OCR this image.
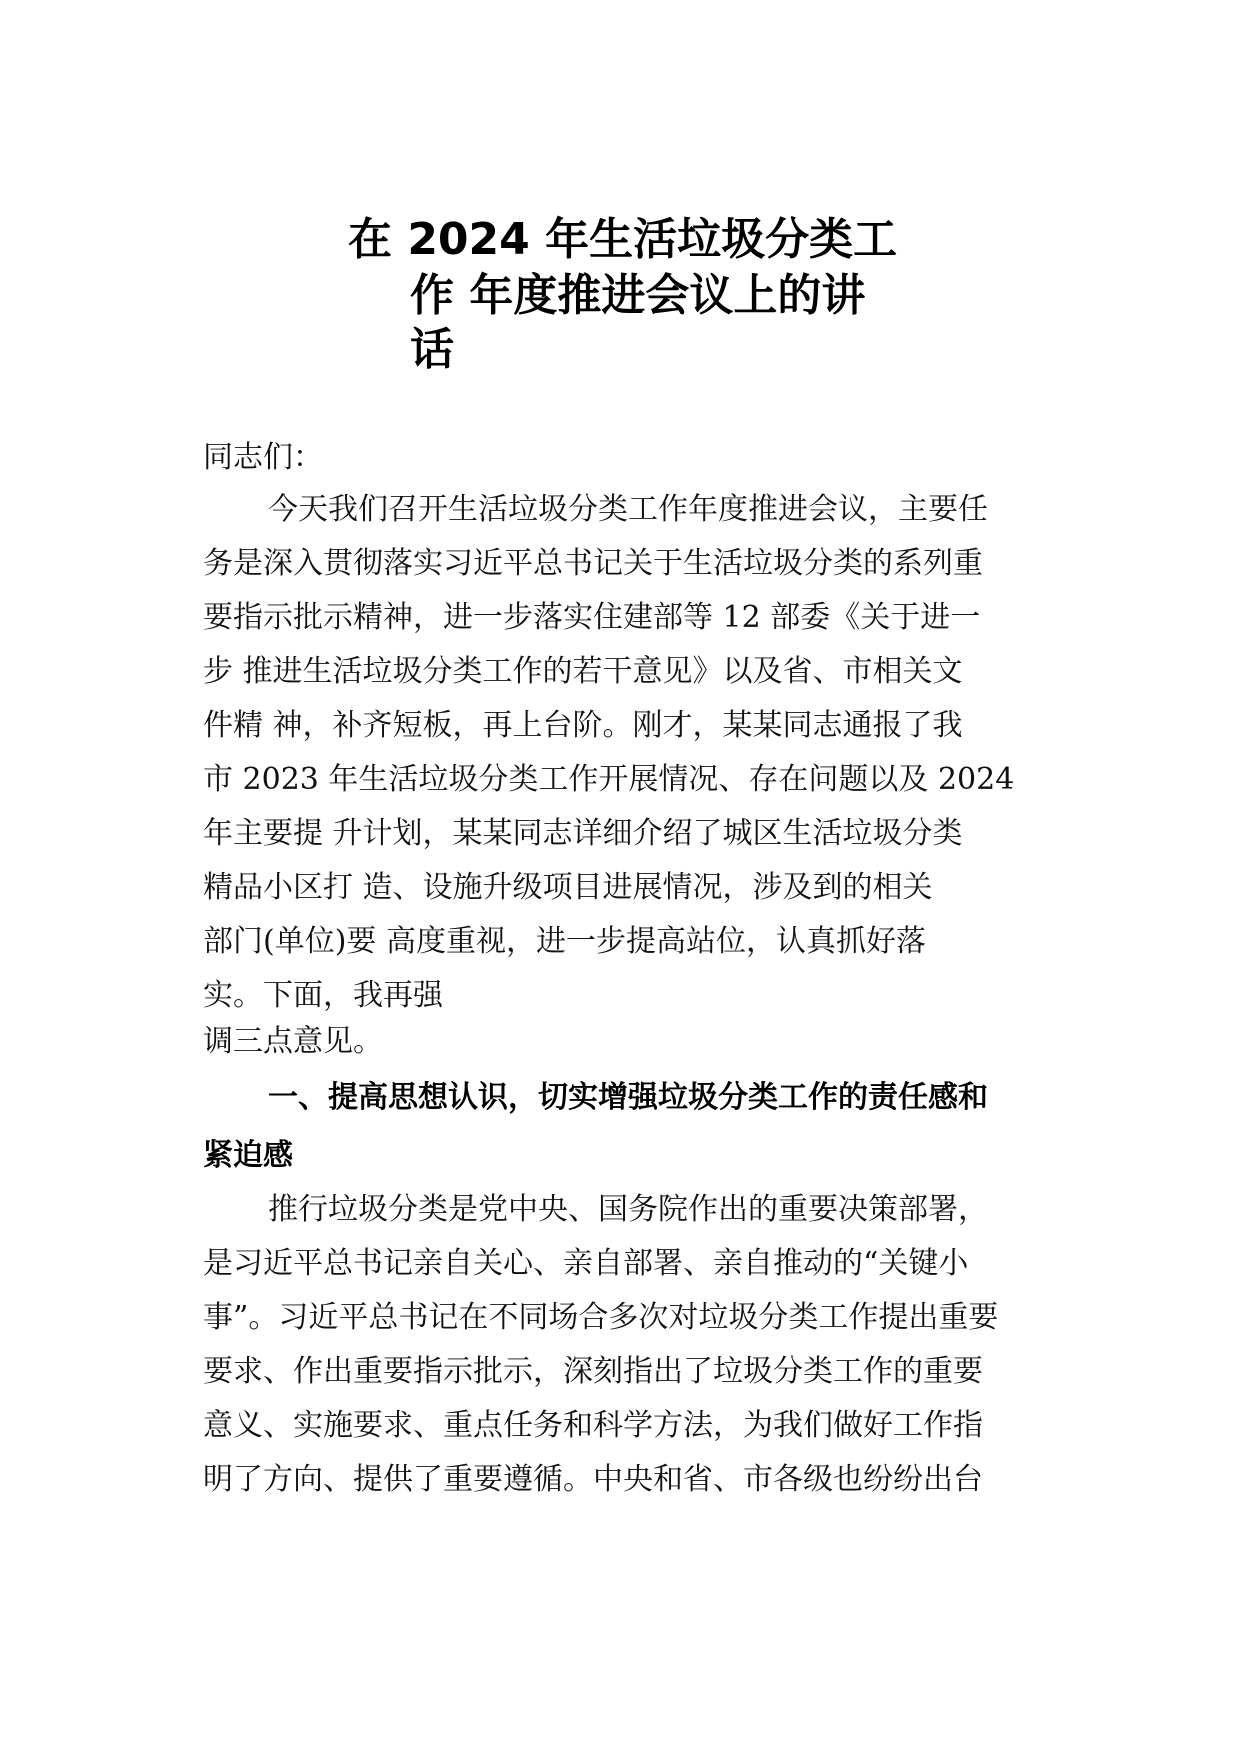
在 2024 年生活垃圾分类工
作 年度推进会议上的讲
话
同志们：
今天我们召开生活垃圾分类工作年度推进会议，主要任
务是深入贯彻落实习近平总书记关于生活垃圾分类的系列重
要指示批示精神，进一步落实住建部等 12 部委《关于进一
步 推进生活垃圾分类工作的若干意见》以及省、市相关文
件精 神，补齐短板，再上台阶。刚才，某某同志通报了我
市 2023 年生活垃圾分类工作开展情况、存在问题以及 2024
年主要提 升计划，某某同志详细介绍了城区生活垃圾分类
精品小区打 造、设施升级项目进展情况，涉及到的相关
部门(单位)要 高度重视，进一步提高站位，认真抓好落
实。下面，我再强
调三点意见。
一、提高思想认识，切实增强垃圾分类工作的责任感和
紧迫感
推行垃圾分类是党中央、国务院作出的重要决策部署，
是习近平总书记亲自关心、亲自部署、亲自推动的“关键小
事”。习近平总书记在不同场合多次对垃圾分类工作提出重要
要求、作出重要指示批示，深刻指出了垃圾分类工作的重要
意义、实施要求、重点任务和科学方法，为我们做好工作指
明了方向、提供了重要遵循。中央和省、市各级也纷纷出台
